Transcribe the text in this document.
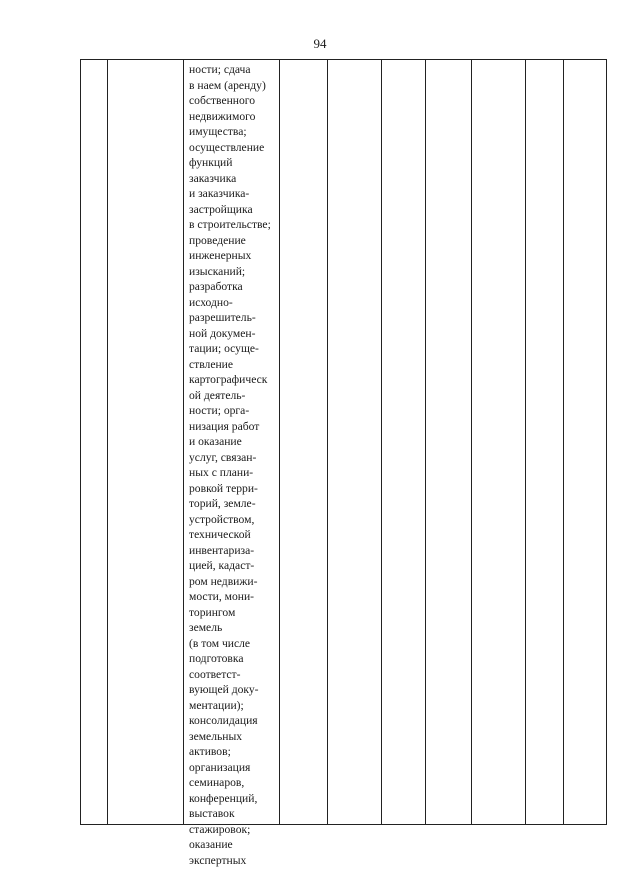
94
ности; сдача
в наем (аренду)
собственного
недвижимого
имущества;
осуществление
функций
заказчика
и заказчика-
застройщика
в строительстве;
проведение
инженерных
изысканий;
разработка
исходно-
разрешитель-
ной докумен-
тации; осуще-
ствление
картографическ
ой деятель-
ности; орга-
низация работ
и оказание
услуг, связан-
ных с плани-
ровкой терри-
торий, земле-
устройством,
технической
инвентариза-
цией, кадаст-
ром недвижи-
мости, мони-
торингом
земель
(в том числе
подготовка
соответст-
вующей доку-
ментации);
консолидация
земельных
активов;
организация
семинаров,
конференций,
выставок
стажировок;
оказание
экспертных
